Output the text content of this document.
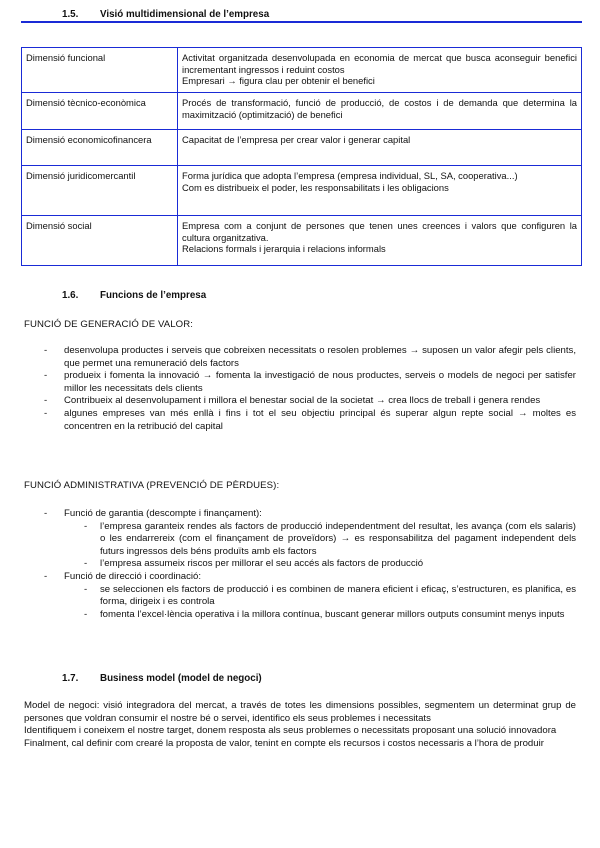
1.5. Visió multidimensional de l’empresa
Dimensió funcional	Activitat organitzada desenvolupada en economia de mercat que busca aconseguir benefici incrementant ingressos i reduint costos
Empresari → figura clau per obtenir el benefici

Dimensió tècnico-econòmica	Procés de transformació, funció de producció, de costos i de demanda que determina la maximització (optimització) de benefici

Dimensió economicofinancera	Capacitat de l’empresa per crear valor i generar capital

Dimensió juridicomercantil	Forma jurídica que adopta l’empresa (empresa individual, SL, SA, cooperativa...)
Com es distribueix el poder, les responsabilitats i les obligacions

Dimensió social	Empresa com a conjunt de persones que tenen unes creences i valors que configuren la cultura organitzativa.
Relacions formals i jerarquia i relacions informals
1.6. Funcions de l’empresa
FUNCIÓ DE GENERACIÓ DE VALOR:
-	desenvolupa productes i serveis que cobreixen necessitats o resolen problemes → suposen un valor afegir pels clients, que permet una remuneració dels factors
-	produeix i fomenta la innovació → fomenta la investigació de nous productes, serveis o models de negoci per satisfer millor les necessitats dels clients
-	Contribueix al desenvolupament i millora el benestar social de la societat → crea llocs de treball i genera rendes
-	algunes empreses van més enllà i fins i tot el seu objectiu principal és superar algun repte social → moltes es concentren en la retribució del capital
FUNCIÓ ADMINISTRATIVA (PREVENCIÓ DE PÈRDUES):
-	Funció de garantia (descompte i finançament):
-	l’empresa garanteix rendes als factors de producció independentment del resultat, les avança (com els salaris) o les endarrereix (com el finançament de proveïdors) → es responsabilitza del pagament independent dels futurs ingressos dels béns produïts amb els factors
-	l’empresa assumeix riscos per millorar el seu accés als factors de producció
-	Funció de direcció i coordinació:
-	se seleccionen els factors de producció i es combinen de manera eficient i eficaç, s’estructuren, es planifica, es forma, dirigeix i es controla
-	fomenta l’excel·lència operativa i la millora contínua, buscant generar millors outputs consumint menys inputs
1.7. Business model (model de negoci)

Model de negoci: visió integradora del mercat, a través de totes les dimensions possibles, segmentem un determinat grup de persones que voldran consumir el nostre bé o servei, identifico els seus problemes i necessitats

Identifiquem i coneixem el nostre target, donem resposta als seus problemes o necessitats proposant una solució innovadora

Finalment, cal definir com crearé la proposta de valor, tenint en compte els recursos i costos necessaris a l’hora de produir
